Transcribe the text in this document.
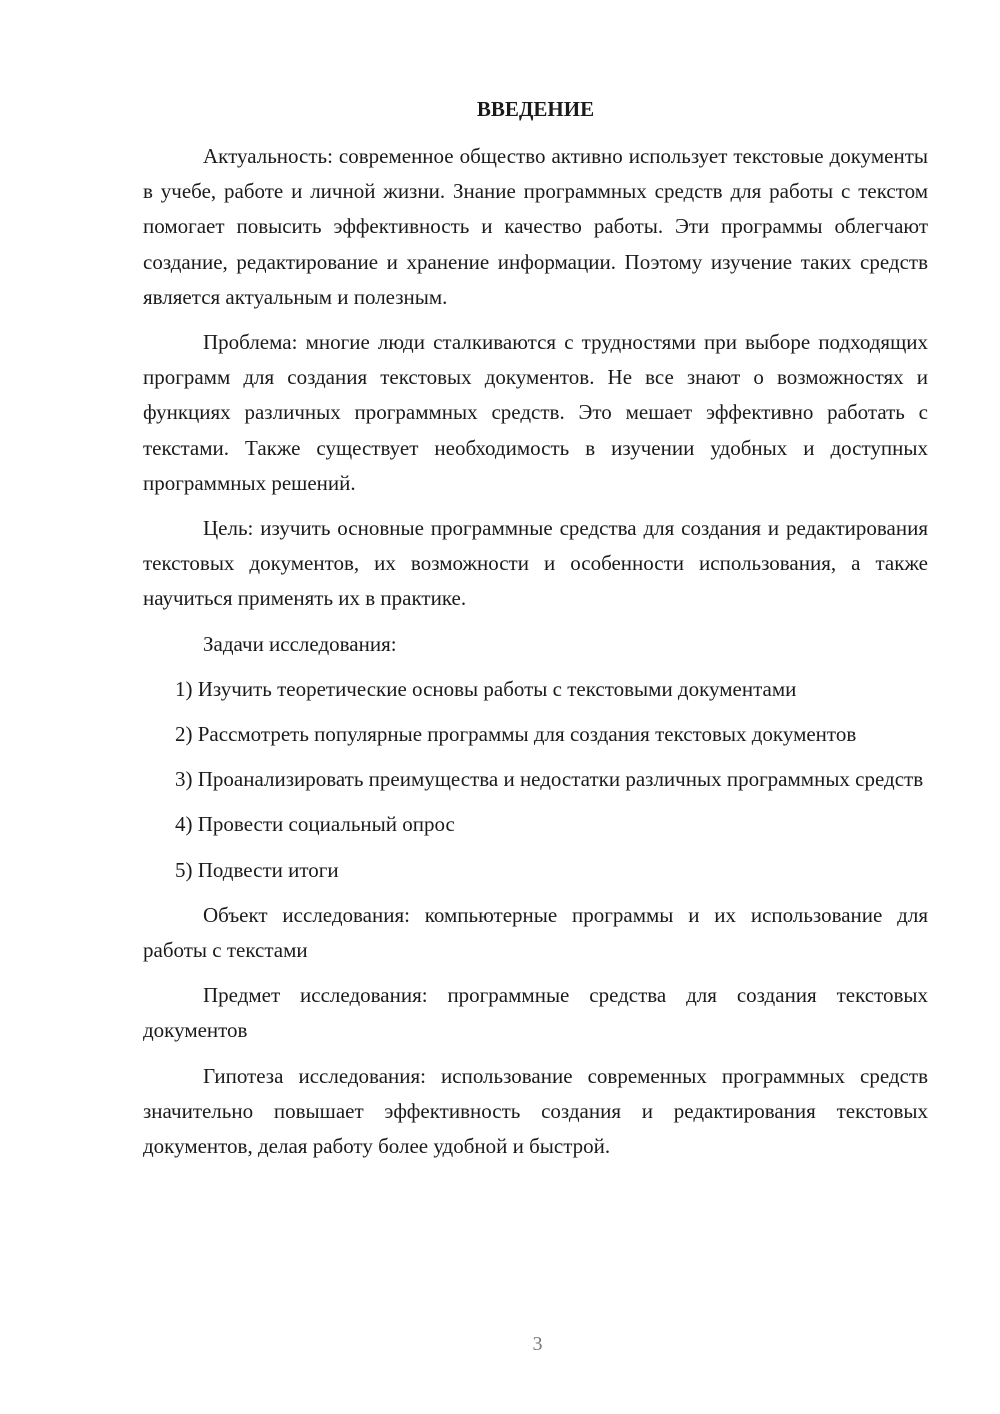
ВВЕДЕНИЕ

Актуальность: современное общество активно использует текстовые документы в учебе, работе и личной жизни. Знание программных средств для работы с текстом помогает повысить эффективность и качество работы. Эти программы облегчают создание, редактирование и хранение информации. Поэтому изучение таких средств является актуальным и полезным.

Проблема: многие люди сталкиваются с трудностями при выборе подходящих программ для создания текстовых документов. Не все знают о возможностях и функциях различных программных средств. Это мешает эффективно работать с текстами. Также существует необходимость в изучении удобных и доступных программных решений.

Цель: изучить основные программные средства для создания и редактирования текстовых документов, их возможности и особенности использования, а также научиться применять их в практике.

Задачи исследования:

1) Изучить теоретические основы работы с текстовыми документами

2) Рассмотреть популярные программы для создания текстовых документов

3) Проанализировать преимущества и недостатки различных программных средств

4) Провести социальный опрос

5) Подвести итоги

Объект исследования: компьютерные программы и их использование для работы с текстами

Предмет исследования: программные средства для создания текстовых документов

Гипотеза исследования: использование современных программных средств значительно повышает эффективность создания и редактирования текстовых документов, делая работу более удобной и быстрой.

3
